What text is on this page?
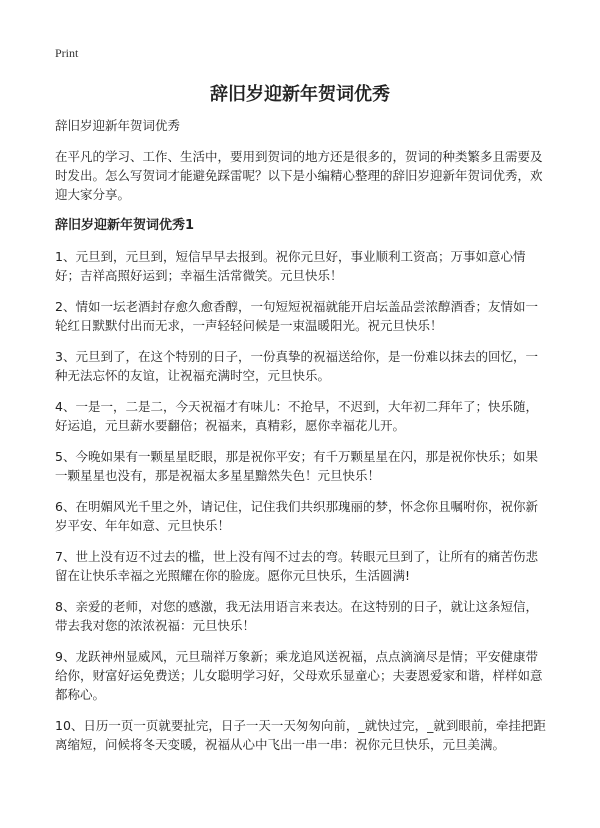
Print
辞旧岁迎新年贺词优秀

辞旧岁迎新年贺词优秀

在平凡的学习、工作、生活中，要用到贺词的地方还是很多的，贺词的种类繁多且需要及时发出。怎么写贺词才能避免踩雷呢？以下是小编精心整理的辞旧岁迎新年贺词优秀，欢迎大家分享。

辞旧岁迎新年贺词优秀1

1、元旦到，元旦到，短信早早去报到。祝你元旦好，事业顺利工资高；万事如意心情好；吉祥高照好运到；幸福生活常微笑。元旦快乐！

2、情如一坛老酒封存愈久愈香醇，一句短短祝福就能开启坛盖品尝浓醇酒香；友情如一轮红日默默付出而无求，一声轻轻问候是一束温暖阳光。祝元旦快乐！

3、元旦到了，在这个特别的日子，一份真挚的祝福送给你，是一份难以抹去的回忆，一种无法忘怀的友谊，让祝福充满时空，元旦快乐。

4、一是一，二是二，今天祝福才有味儿：不抢早，不迟到，大年初二拜年了；快乐随，好运追，元旦薪水要翻倍；祝福来，真精彩，愿你幸福花儿开。

5、今晚如果有一颗星星眨眼，那是祝你平安；有千万颗星星在闪，那是祝你快乐；如果一颗星星也没有，那是祝福太多星星黯然失色！元旦快乐！

6、在明媚风光千里之外，请记住，记住我们共织那瑰丽的梦，怀念你且嘱咐你，祝你新岁平安、年年如意、元旦快乐！

7、世上没有迈不过去的槛，世上没有闯不过去的弯。转眼元旦到了，让所有的痛苦伤悲留在让快乐幸福之光照耀在你的脸庞。愿你元旦快乐，生活圆满!

8、亲爱的老师，对您的感激，我无法用语言来表达。在这特别的日子，就让这条短信，带去我对您的浓浓祝福：元旦快乐！

9、龙跃神州显威风，元旦瑞祥万象新；乘龙追风送祝福，点点滴滴尽是情；平安健康带给你，财富好运免费送；儿女聪明学习好，父母欢乐显童心；夫妻恩爱家和谐，样样如意都称心。

10、日历一页一页就要扯完，日子一天一天匆匆向前，_就快过完，_就到眼前，牵挂把距离缩短，问候将冬天变暖，祝福从心中飞出一串一串：祝你元旦快乐，元旦美满。
